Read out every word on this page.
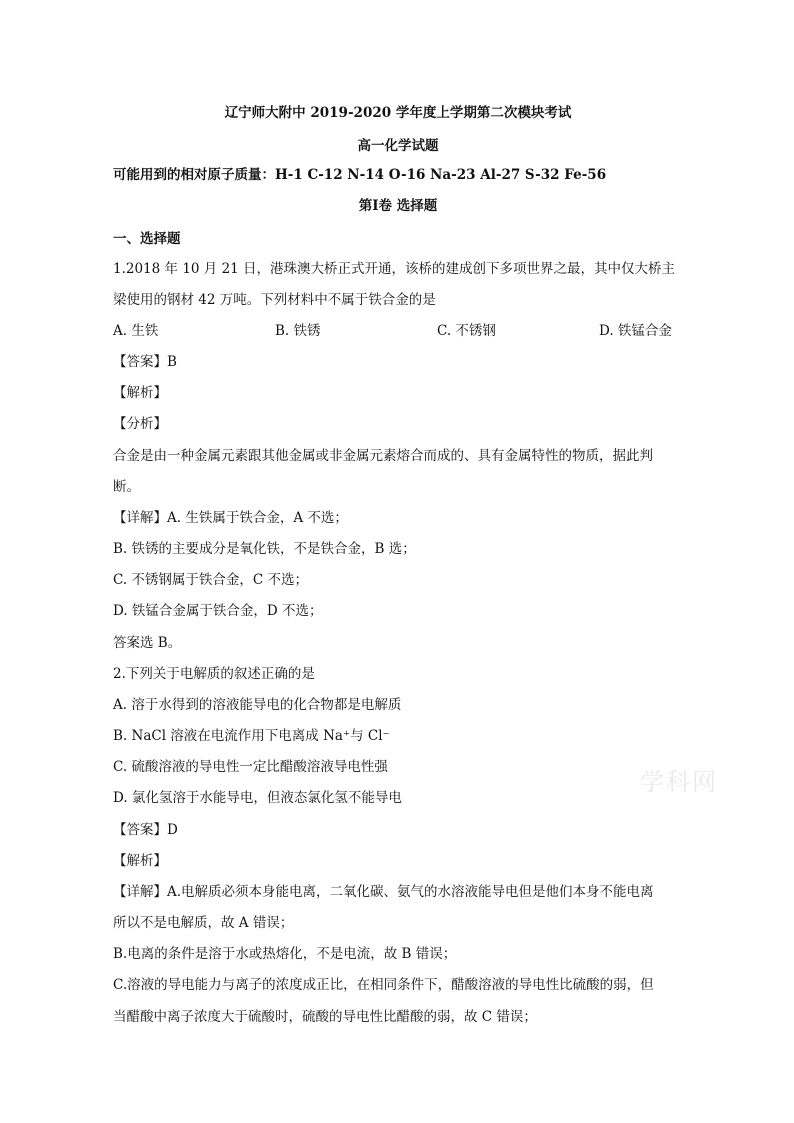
辽宁师大附中 2019-2020 学年度上学期第二次模块考试
高一化学试题
可能用到的相对原子质量：H-1 C-12 N-14 O-16 Na-23 Al-27 S-32 Fe-56
第Ⅰ卷 选择题
一、选择题
1.2018 年 10 月 21 日，港珠澳大桥正式开通，该桥的建成创下多项世界之最，其中仅大桥主
梁使用的钢材 42 万吨。下列材料中不属于铁合金的是
A. 生铁	B. 铁锈	C. 不锈钢	D. 铁锰合金
【答案】B
【解析】
【分析】
合金是由一种金属元素跟其他金属或非金属元素熔合而成的、具有金属特性的物质，据此判
断。
【详解】A. 生铁属于铁合金，A 不选；
B. 铁锈的主要成分是氧化铁，不是铁合金，B 选；
C. 不锈钢属于铁合金，C 不选；
D. 铁锰合金属于铁合金，D 不选；
答案选 B。
2.下列关于电解质的叙述正确的是
A. 溶于水得到的溶液能导电的化合物都是电解质
B. NaCl 溶液在电流作用下电离成 Na⁺与 Cl⁻
C. 硫酸溶液的导电性一定比醋酸溶液导电性强
D. 氯化氢溶于水能导电，但液态氯化氢不能导电
【答案】D
【解析】
【详解】A.电解质必须本身能电离，二氧化碳、氨气的水溶液能导电但是他们本身不能电离
所以不是电解质，故 A 错误；
B.电离的条件是溶于水或热熔化，不是电流，故 B 错误；
C.溶液的导电能力与离子的浓度成正比，在相同条件下，醋酸溶液的导电性比硫酸的弱，但
当醋酸中离子浓度大于硫酸时，硫酸的导电性比醋酸的弱，故 C 错误；
学科网
